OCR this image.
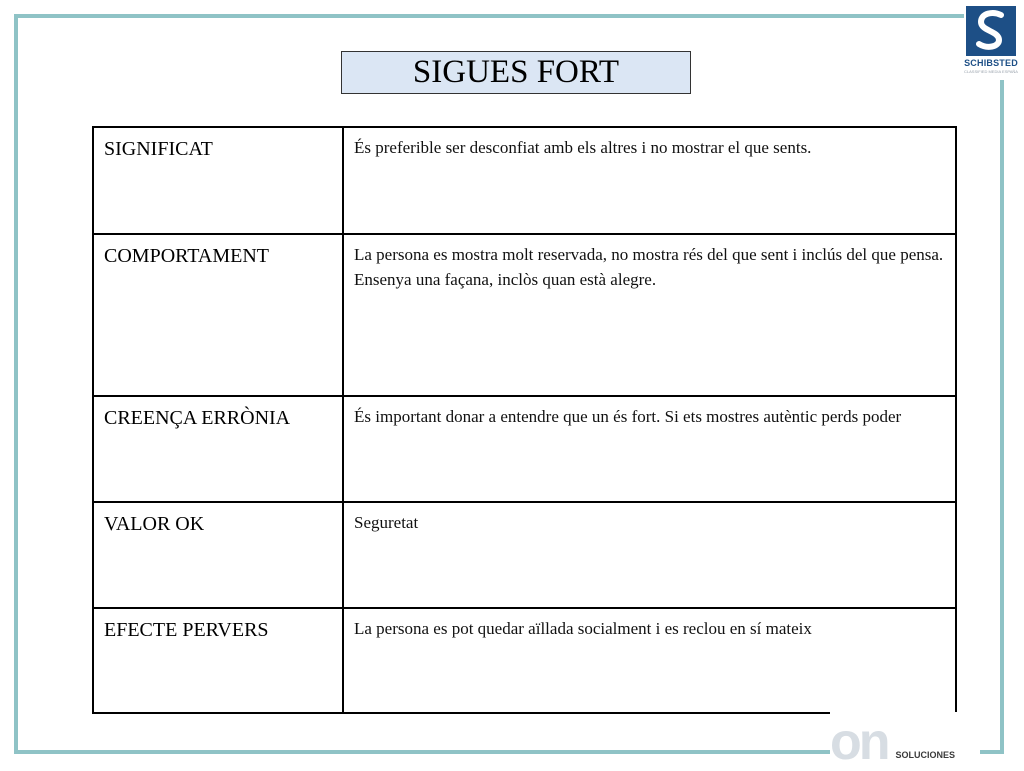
SCHIBSTED
CLASSIFIED MEDIA ESPAÑA
SIGUES FORT
SIGNIFICAT	És preferible ser desconfiat amb els altres i no mostrar el que sents.
COMPORTAMENT	La persona es mostra molt reservada, no mostra rés del que sent i inclús del que pensa. Ensenya una façana, inclòs quan està alegre.
CREENÇA ERRÒNIA	És important donar a entendre que un és fort. Si ets mostres autèntic perds poder
VALOR OK	Seguretat
EFECTE PERVERS	La persona es pot quedar aïllada socialment i es reclou en sí mateix
on SOLUCIONES
